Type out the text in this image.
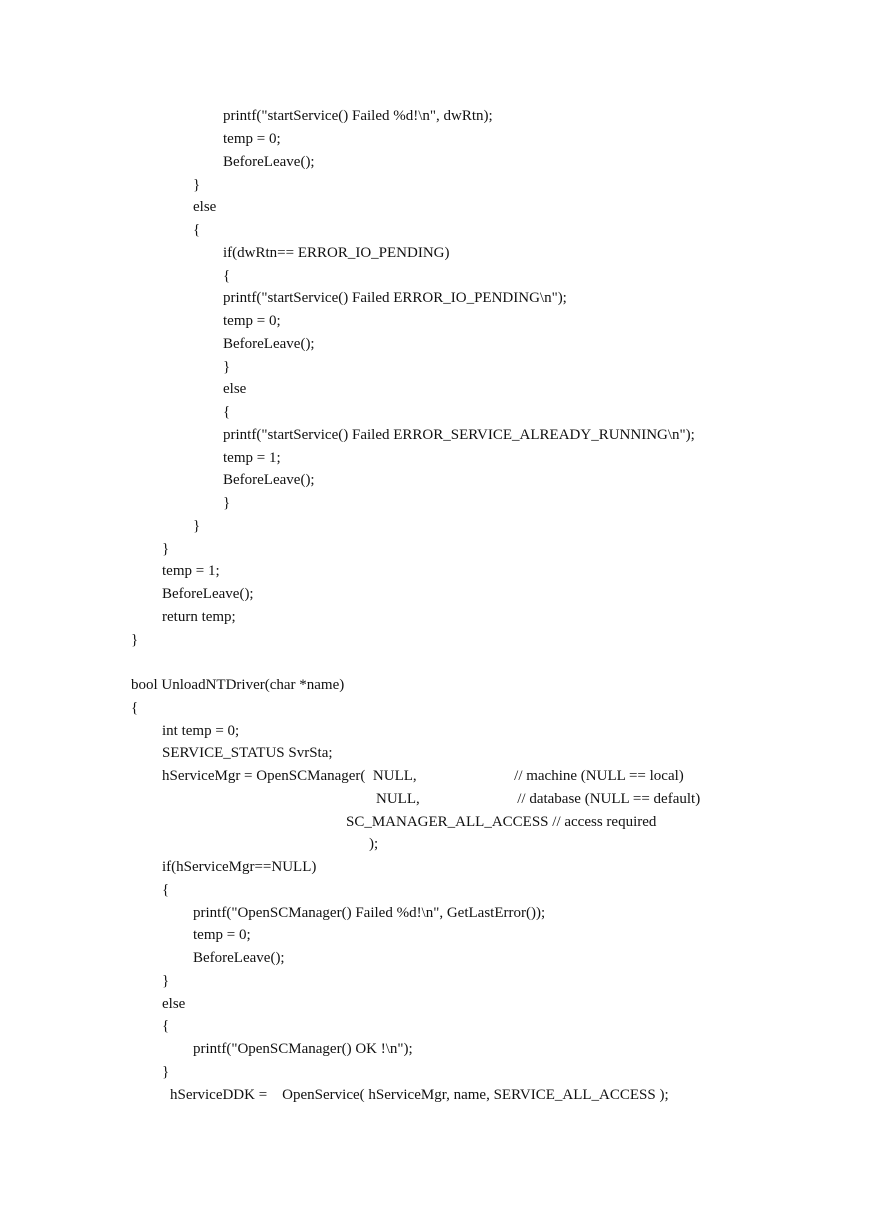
printf("startService() Failed %d!\n", dwRtn);
temp = 0;
BeforeLeave();
}
else
{
if(dwRtn== ERROR_IO_PENDING)
{
printf("startService() Failed ERROR_IO_PENDING\n");
temp = 0;
BeforeLeave();
}
else
{
printf("startService() Failed ERROR_SERVICE_ALREADY_RUNNING\n");
temp = 1;
BeforeLeave();
}
}
}
temp = 1;
BeforeLeave();
return temp;
}
bool UnloadNTDriver(char *name)
{
int temp = 0;
SERVICE_STATUS SvrSta;
hServiceMgr = OpenSCManager(  NULL,                          // machine (NULL == local)
NULL,                          // database (NULL == default)
SC_MANAGER_ALL_ACCESS // access required
);
if(hServiceMgr==NULL)
{
printf("OpenSCManager() Failed %d!\n", GetLastError());
temp = 0;
BeforeLeave();
}
else
{
printf("OpenSCManager() OK !\n");
}
hServiceDDK =    OpenService( hServiceMgr, name, SERVICE_ALL_ACCESS );
